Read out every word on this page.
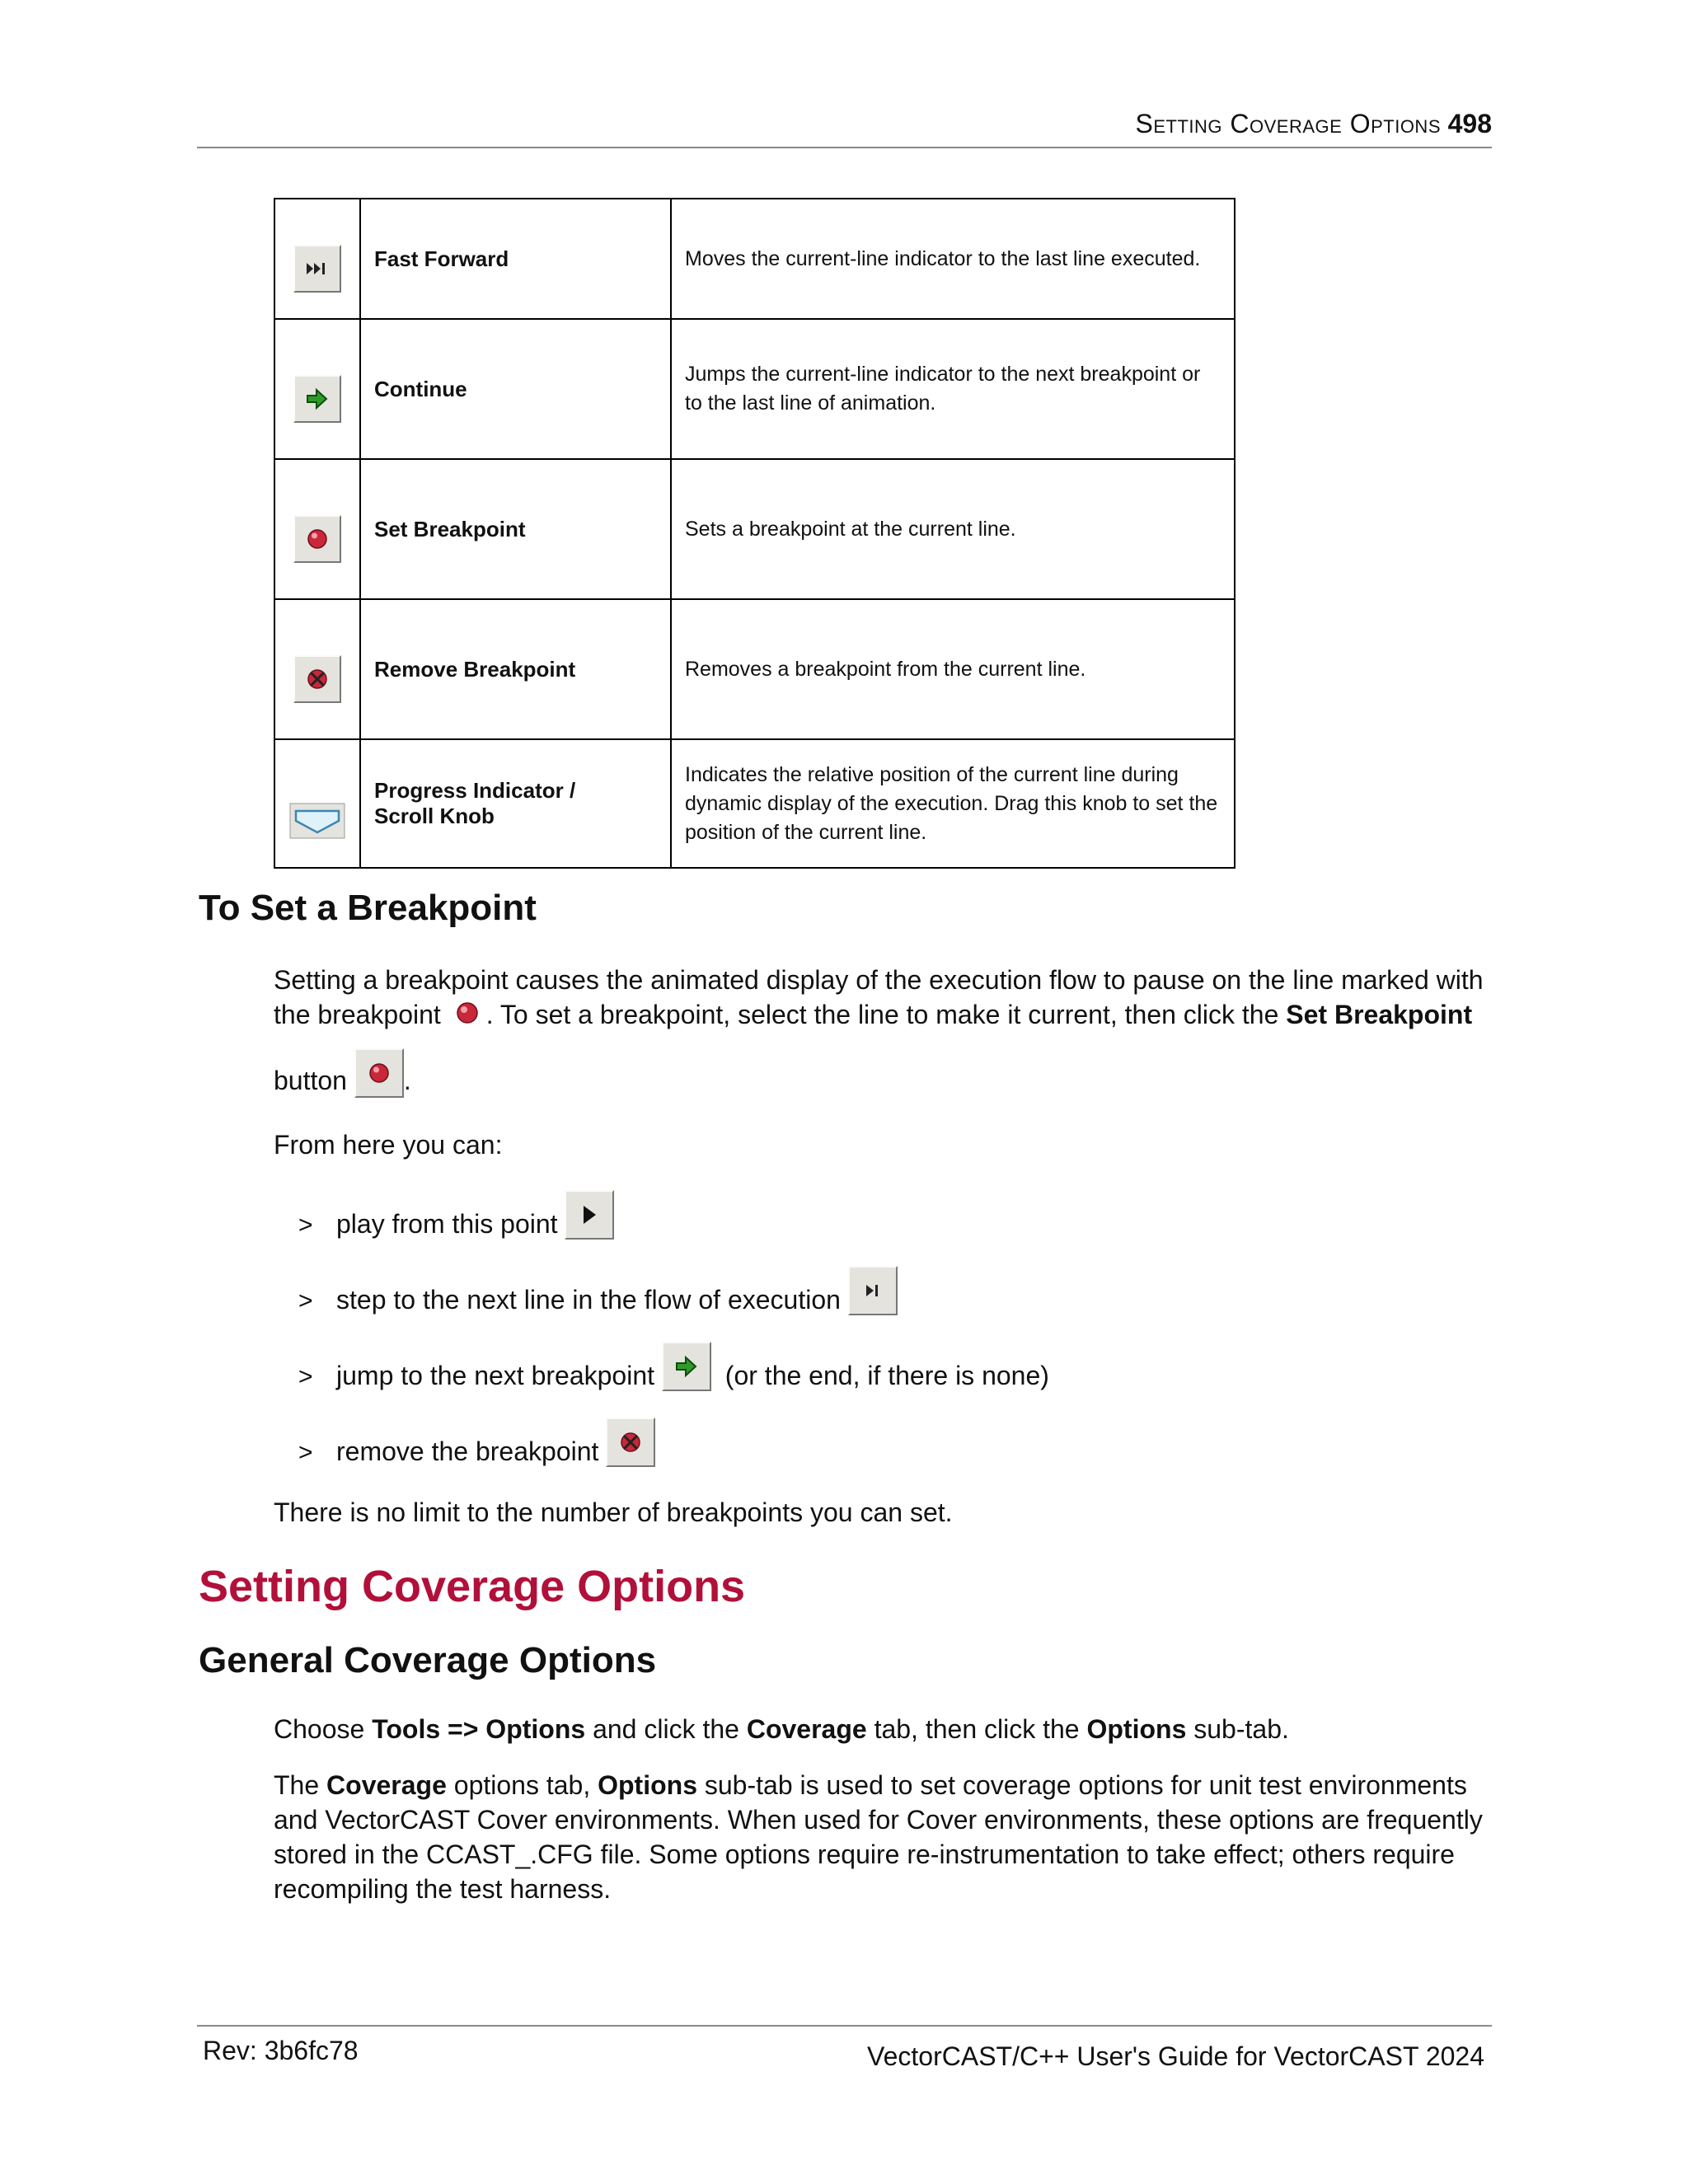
Setting Coverage Options 498
	Fast Forward	Moves the current-line indicator to the last line executed.

	Continue	Jumps the current-line indicator to the next breakpoint or to the last line of animation.

	Set Breakpoint	Sets a breakpoint at the current line.

	Remove Breakpoint	Removes a breakpoint from the current line.
	Progress Indicator /
Scroll Knob	Indicates the relative position of the current line during dynamic display of the execution. Drag this knob to set the position of the current line.
To Set a Breakpoint
Setting a breakpoint causes the animated display of the execution flow to pause on the line marked with the breakpoint . To set a breakpoint, select the line to make it current, then click the Set Breakpoint
button .
From here you can:
> play from this point
> step to the next line in the flow of execution
> jump to the next breakpoint	(or the end, if there is none)
> remove the breakpoint
There is no limit to the number of breakpoints you can set.
Setting Coverage Options
General Coverage Options
Choose Tools => Options and click the Coverage tab, then click the Options sub-tab.
The Coverage options tab, Options sub-tab is used to set coverage options for unit test environments and VectorCAST Cover environments. When used for Cover environments, these options are frequently stored in the CCAST_.CFG file. Some options require re-instrumentation to take effect; others require recompiling the test harness.
Rev: 3b6fc78	VectorCAST/C++ User's Guide for VectorCAST 2024
